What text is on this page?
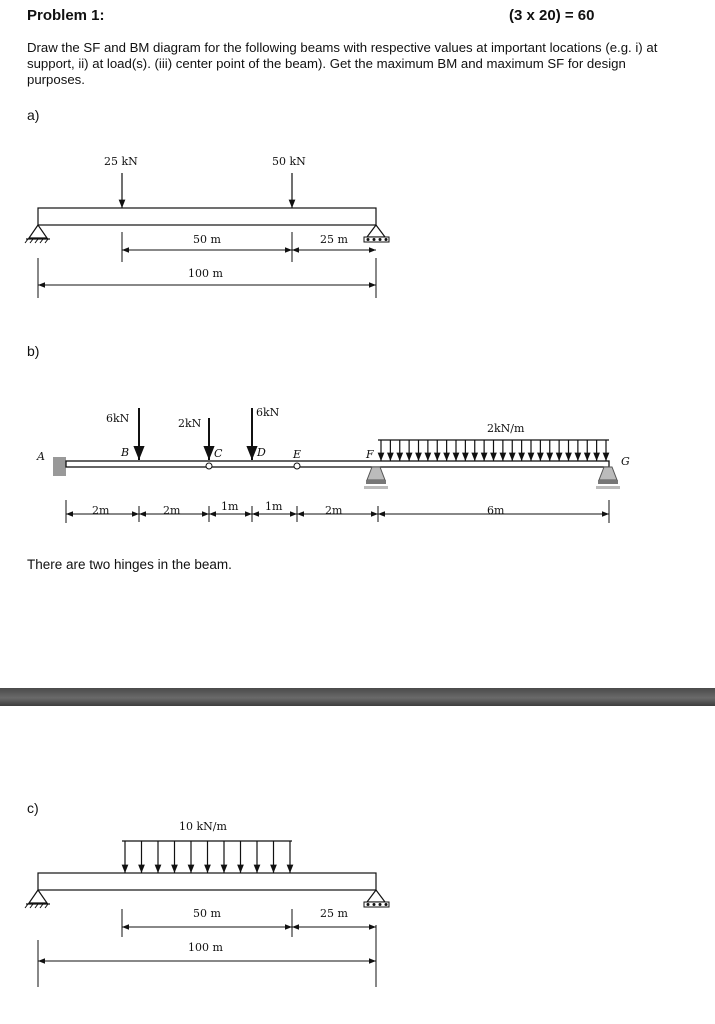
Problem 1:	(3 x 20) = 60
Draw the SF and BM diagram for the following beams with respective values at important locations (e.g. i) at support, ii) at load(s). (iii) center point of the beam). Get the maximum BM and maximum SF for design purposes.
a)
25 kN	50 kN
50 m	25 m
100 m
b)
6kN	2kN
6kN
2kN/m
A	B	C	D E	F
G
2m	2m	1m 1m	2m	6m
There are two hinges in the beam.
c)
10 kN/m
50 m	25 m
100 m
